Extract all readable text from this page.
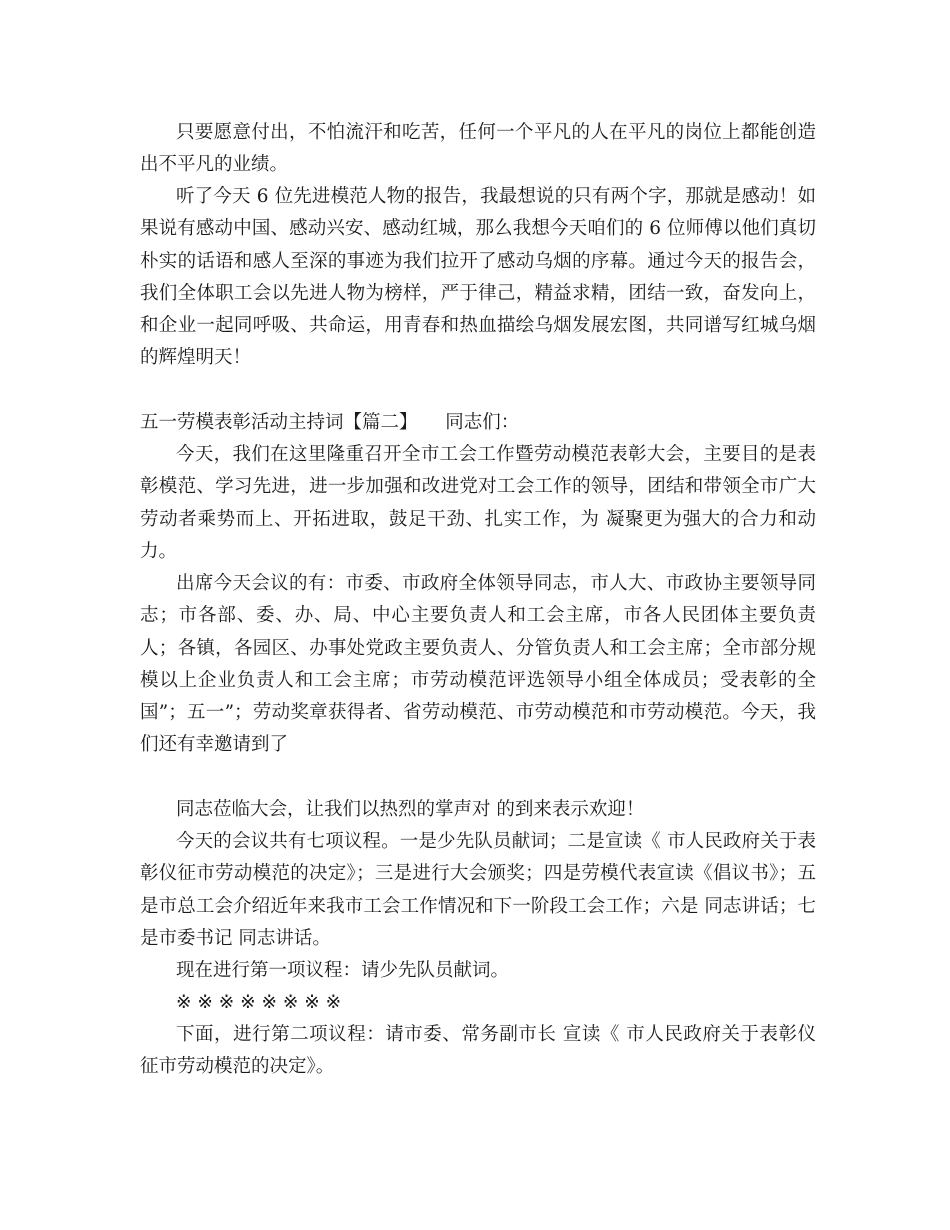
只要愿意付出，不怕流汗和吃苦，任何一个平凡的人在平凡的岗位上都能创造出不平凡的业绩。

听了今天 6 位先进模范人物的报告，我最想说的只有两个字，那就是感动！如果说有感动中国、感动兴安、感动红城，那么我想今天咱们的 6 位师傅以他们真切朴实的话语和感人至深的事迹为我们拉开了感动乌烟的序幕。通过今天的报告会，我们全体职工会以先进人物为榜样，严于律己，精益求精，团结一致，奋发向上，和企业一起同呼吸、共命运，用青春和热血描绘乌烟发展宏图，共同谱写红城乌烟的辉煌明天！

五一劳模表彰活动主持词【篇二】　　同志们：

今天，我们在这里隆重召开全市工会工作暨劳动模范表彰大会，主要目的是表彰模范、学习先进，进一步加强和改进党对工会工作的领导，团结和带领全市广大劳动者乘势而上、开拓进取，鼓足干劲、扎实工作，为 凝聚更为强大的合力和动力。

出席今天会议的有：市委、市政府全体领导同志，市人大、市政协主要领导同志；市各部、委、办、局、中心主要负责人和工会主席，市各人民团体主要负责人；各镇，各园区、办事处党政主要负责人、分管负责人和工会主席；全市部分规模以上企业负责人和工会主席；市劳动模范评选领导小组全体成员；受表彰的全国”；五一”；劳动奖章获得者、省劳动模范、市劳动模范和市劳动模范。今天，我们还有幸邀请到了

同志莅临大会，让我们以热烈的掌声对 的到来表示欢迎！

今天的会议共有七项议程。一是少先队员献词；二是宣读《 市人民政府关于表彰仪征市劳动模范的决定》；三是进行大会颁奖；四是劳模代表宣读《倡议书》；五是市总工会介绍近年来我市工会工作情况和下一阶段工会工作；六是 同志讲话；七是市委书记 同志讲话。

现在进行第一项议程：请少先队员献词。

※ ※ ※ ※ ※ ※ ※ ※

下面，进行第二项议程：请市委、常务副市长 宣读《 市人民政府关于表彰仪征市劳动模范的决定》。
